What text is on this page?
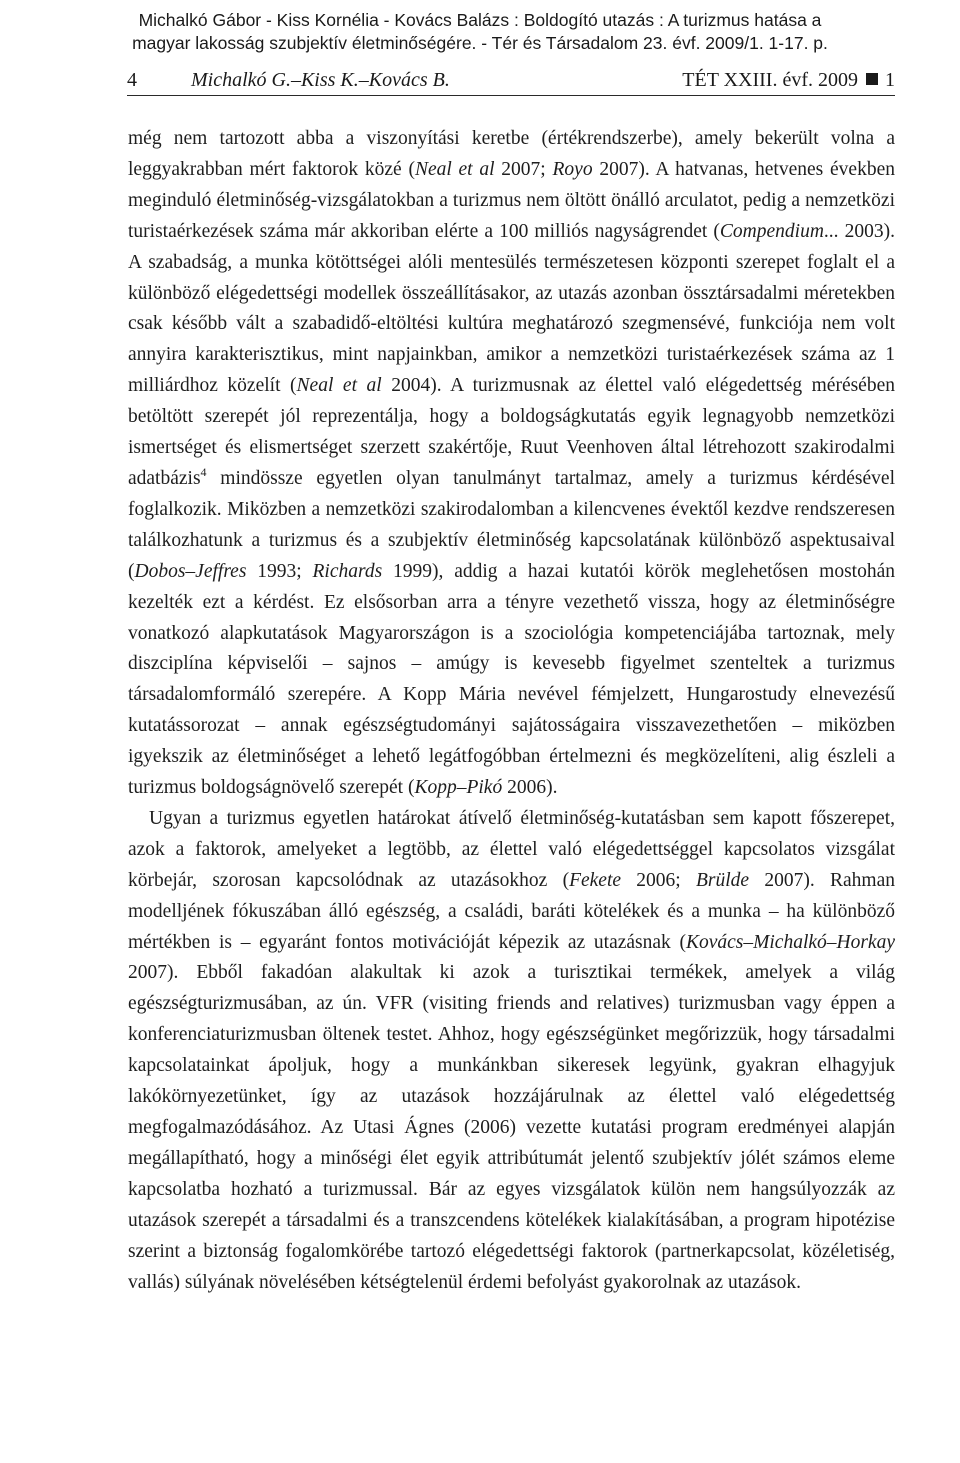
Michalkó Gábor - Kiss Kornélia - Kovács Balázs : Boldogító utazás : A turizmus hatása a
magyar lakosság szubjektív életminőségére. - Tér és Társadalom 23. évf. 2009/1. 1-17. p.
4	Michalkó G.–Kiss K.–Kovács B.	TÉT XXIII. évf. 2009 1

még nem tartozott abba a viszonyítási keretbe (értékrendszerbe), amely bekerült volna a leggyakrabban mért faktorok közé (Neal et al 2007; Royo 2007). A hatvanas, hetvenes években meginduló életminőség-vizsgálatokban a turizmus nem öltött önálló arculatot, pedig a nemzetközi turistaérkezések száma már akkoriban elérte a 100 milliós nagyságrendet (Compendium... 2003). A szabadság, a munka kötöttségei alóli mentesülés természetesen központi szerepet foglalt el a különböző elégedettségi modellek összeállításakor, az utazás azonban össztársadalmi méretekben csak később vált a szabadidő-eltöltési kultúra meghatározó szegmensévé, funkciója nem volt annyira karakterisztikus, mint napjainkban, amikor a nemzetközi turistaérkezések száma az 1 milliárdhoz közelít (Neal et al 2004). A turizmusnak az élettel való elégedettség mérésében betöltött szerepét jól reprezentálja, hogy a boldogságkutatás egyik legnagyobb nemzetközi ismertséget és elismertséget szerzett szakértője, Ruut Veenhoven által létrehozott szakirodalmi adatbázis$^4$ mindössze egyetlen olyan tanulmányt tartalmaz, amely a turizmus kérdésével foglalkozik. Miközben a nemzetközi szakirodalomban a kilencvenes évektől kezdve rendszeresen találkozhatunk a turizmus és a szubjektív életminőség kapcsolatának különböző aspektusaival (Dobos–Jeffres 1993; Richards 1999), addig a hazai kutatói körök meglehetősen mostohán kezelték ezt a kérdést. Ez elsősorban arra a tényre vezethető vissza, hogy az életminőségre vonatkozó alapkutatások Magyarországon is a szociológia kompetenciájába tartoznak, mely diszciplína képviselői – sajnos – amúgy is kevesebb figyelmet szenteltek a turizmus társadalomformáló szerepére. A Kopp Mária nevével fémjelzett, Hungarostudy elnevezésű kutatássorozat – annak egészségtudományi sajátosságaira visszavezethetően – miközben igyekszik az életminőséget a lehető legátfogóbban értelmezni és megközelíteni, alig észleli a turizmus boldogságnövelő szerepét (Kopp–Pikó 2006).

Ugyan a turizmus egyetlen határokat átívelő életminőség-kutatásban sem kapott főszerepet, azok a faktorok, amelyeket a legtöbb, az élettel való elégedettséggel kapcsolatos vizsgálat körbejár, szorosan kapcsolódnak az utazásokhoz (Fekete 2006; Brülde 2007). Rahman modelljének fókuszában álló egészség, a családi, baráti kötelékek és a munka – ha különböző mértékben is – egyaránt fontos motivációját képezik az utazásnak (Kovács–Michalkó–Horkay 2007). Ebből fakadóan alakultak ki azok a turisztikai termékek, amelyek a világ egészségturizmusában, az ún. VFR (visiting friends and relatives) turizmusban vagy éppen a konferenciaturizmusban öltenek testet. Ahhoz, hogy egészségünket megőrizzük, hogy társadalmi kapcsolatainkat ápoljuk, hogy a munkánkban sikeresek legyünk, gyakran elhagyjuk lakókörnyezetünket, így az utazások hozzájárulnak az élettel való elégedettség megfogalmazódásához. Az Utasi Ágnes (2006) vezette kutatási program eredményei alapján megállapítható, hogy a minőségi élet egyik attribútumát jelentő szubjektív jólét számos eleme kapcsolatba hozható a turizmussal. Bár az egyes vizsgálatok külön nem hangsúlyozzák az utazások szerepét a társadalmi és a transzcendens kötelékek kialakításában, a program hipotézise szerint a biztonság fogalomkörébe tartozó elégedettségi faktorok (partnerkapcsolat, közéletiség, vallás) súlyának növelésében kétségtelenül érdemi befolyást gyakorolnak az utazások.
